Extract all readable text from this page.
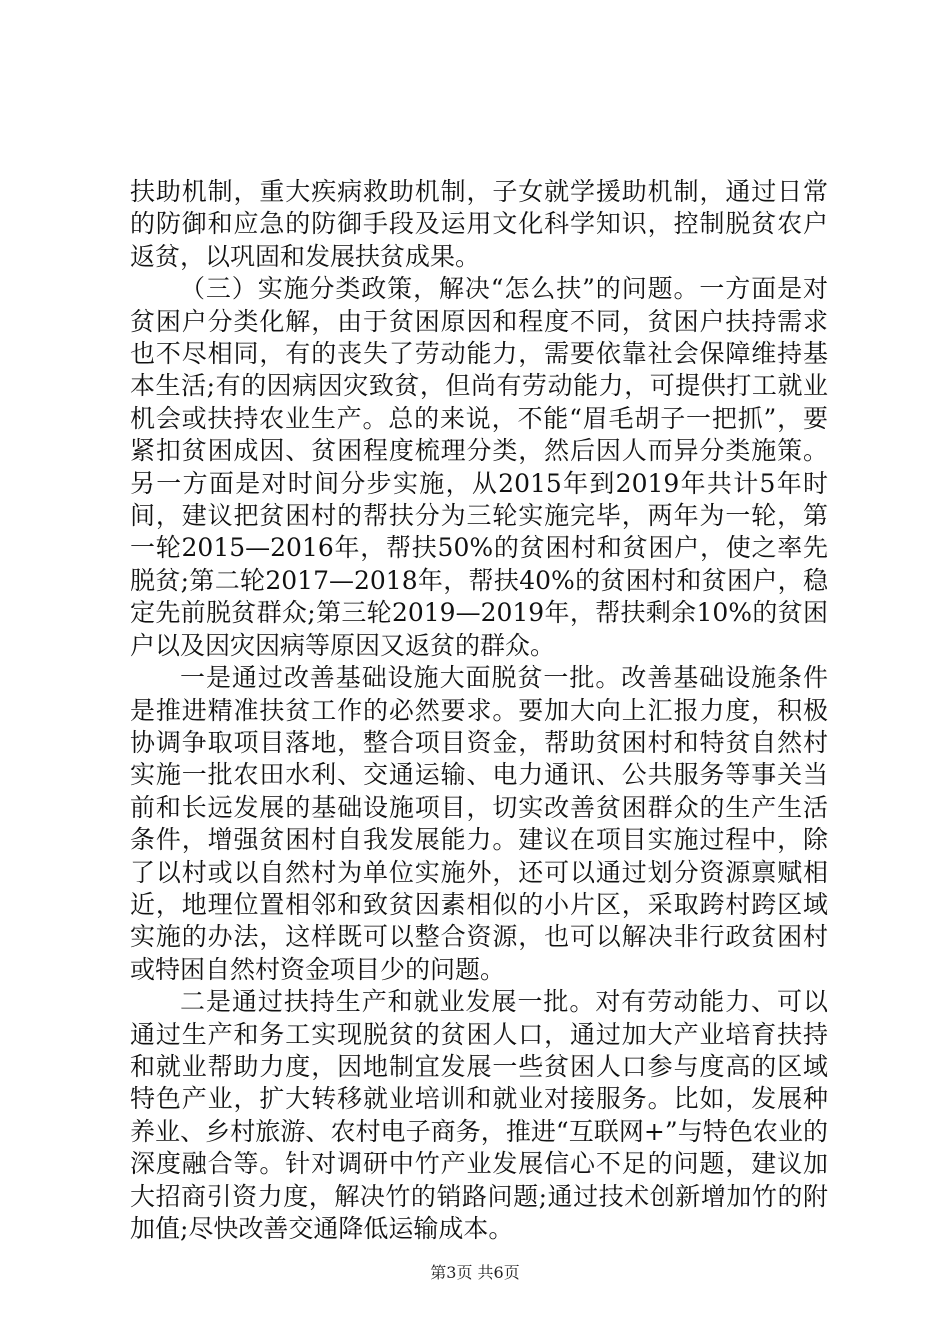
扶助机制，重大疾病救助机制，子女就学援助机制，通过日常的防御和应急的防御手段及运用文化科学知识，控制脱贫农户返贫，以巩固和发展扶贫成果。

（三）实施分类政策，解决“怎么扶”的问题。一方面是对贫困户分类化解，由于贫困原因和程度不同，贫困户扶持需求也不尽相同，有的丧失了劳动能力，需要依靠社会保障维持基本生活;有的因病因灾致贫，但尚有劳动能力，可提供打工就业机会或扶持农业生产。总的来说，不能“眉毛胡子一把抓”，要紧扣贫困成因、贫困程度梳理分类，然后因人而异分类施策。另一方面是对时间分步实施，从2015年到2019年共计5年时间，建议把贫困村的帮扶分为三轮实施完毕，两年为一轮，第一轮2015—2016年，帮扶50%的贫困村和贫困户，使之率先脱贫;第二轮2017—2018年，帮扶40%的贫困村和贫困户，稳定先前脱贫群众;第三轮2019—2019年，帮扶剩余10%的贫困户以及因灾因病等原因又返贫的群众。

一是通过改善基础设施大面脱贫一批。改善基础设施条件是推进精准扶贫工作的必然要求。要加大向上汇报力度，积极协调争取项目落地，整合项目资金，帮助贫困村和特贫自然村实施一批农田水利、交通运输、电力通讯、公共服务等事关当前和长远发展的基础设施项目，切实改善贫困群众的生产生活条件，增强贫困村自我发展能力。建议在项目实施过程中，除了以村或以自然村为单位实施外，还可以通过划分资源禀赋相近，地理位置相邻和致贫因素相似的小片区，采取跨村跨区域实施的办法，这样既可以整合资源，也可以解决非行政贫困村或特困自然村资金项目少的问题。

二是通过扶持生产和就业发展一批。对有劳动能力、可以通过生产和务工实现脱贫的贫困人口，通过加大产业培育扶持和就业帮助力度，因地制宜发展一些贫困人口参与度高的区域特色产业，扩大转移就业培训和就业对接服务。比如，发展种养业、乡村旅游、农村电子商务，推进“互联网+”与特色农业的深度融合等。针对调研中竹产业发展信心不足的问题，建议加大招商引资力度，解决竹的销路问题;通过技术创新增加竹的附加值;尽快改善交通降低运输成本。

第3页 共6页
